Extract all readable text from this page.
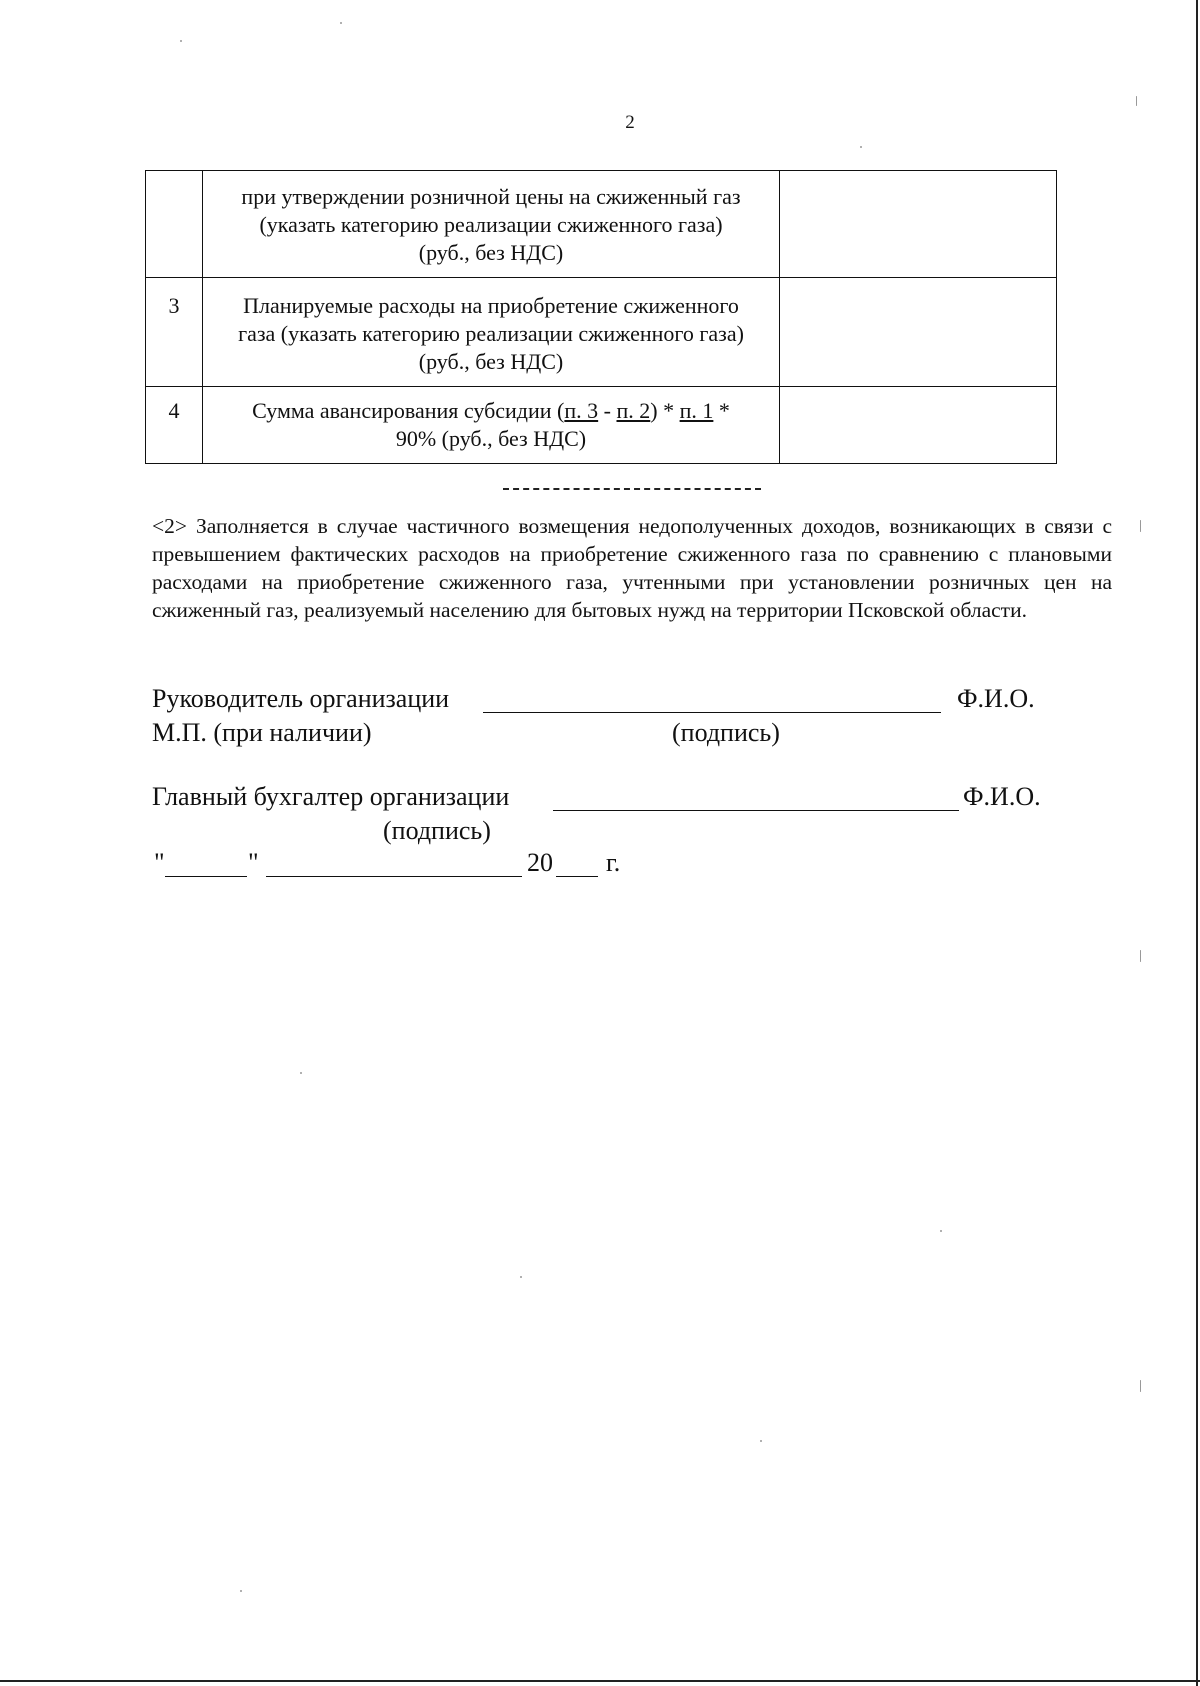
2

	при утверждении розничной цены на сжиженный газ
(указать категорию реализации сжиженного газа)
(руб., без НДС)	

3	Планируемые расходы на приобретение сжиженного
газа (указать категорию реализации сжиженного газа)
(руб., без НДС)	

4	Сумма авансирования субсидии (п. 3 - п. 2) * п. 1 *
90% (руб., без НДС)	

<2> Заполняется в случае частичного возмещения недополученных доходов, возникающих в связи с превышением фактических расходов на приобретение сжиженного газа по сравнению с плановыми расходами на приобретение сжиженного газа, учтенными при установлении розничных цен на сжиженный газ, реализуемый населению для бытовых нужд на территории Псковской области.
Руководитель организации	Ф.И.О.
М.П. (при наличии)	(подпись)
Главный бухгалтер организации	Ф.И.О.
(подпись)
"	"	20 г.
